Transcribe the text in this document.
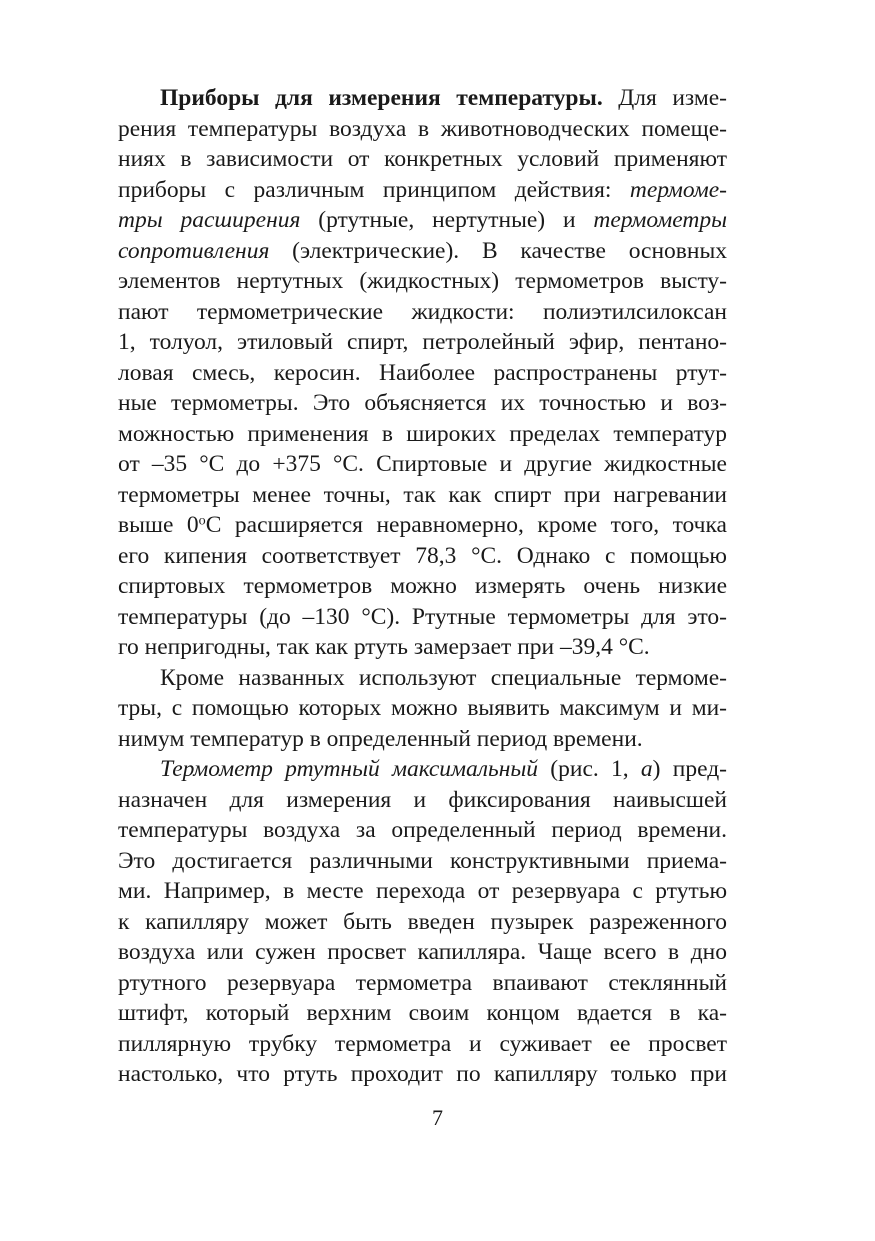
Приборы для измерения температуры. Для изме-
рения температуры воздуха в животноводческих помеще-
ниях в зависимости от конкретных условий применяют
приборы с различным принципом действия: термоме-
тры расширения (ртутные, нертутные) и термометры
сопротивления (электрические). В качестве основных
элементов нертутных (жидкостных) термометров высту-
пают термометрические жидкости: полиэтилсилоксан
1, толуол, этиловый спирт, петролейный эфир, пентано-
ловая смесь, керосин. Наиболее распространены ртут-
ные термометры. Это объясняется их точностью и воз-
можностью применения в широких пределах температур
от –35 °С до +375 °С. Спиртовые и другие жидкостные
термометры менее точны, так как спирт при нагревании
выше $0^оС$ расширяется неравномерно, кроме того, точка
его кипения соответствует 78,3 °С. Однако с помощью
спиртовых термометров можно измерять очень низкие
температуры (до –130 °С). Ртутные термометры для это-
го непригодны, так как ртуть замерзает при –39,4 °С.
Кроме названных используют специальные термоме-
тры, с помощью которых можно выявить максимум и ми-
нимум температур в определенный период времени.
Термометр ртутный максимальный (рис. 1, а) пред-
назначен для измерения и фиксирования наивысшей
температуры воздуха за определенный период времени.
Это достигается различными конструктивными приема-
ми. Например, в месте перехода от резервуара с ртутью
к капилляру может быть введен пузырек разреженного
воздуха или сужен просвет капилляра. Чаще всего в дно
ртутного резервуара термометра впаивают стеклянный
штифт, который верхним своим концом вдается в ка-
пиллярную трубку термометра и суживает ее просвет
настолько, что ртуть проходит по капилляру только при
7
